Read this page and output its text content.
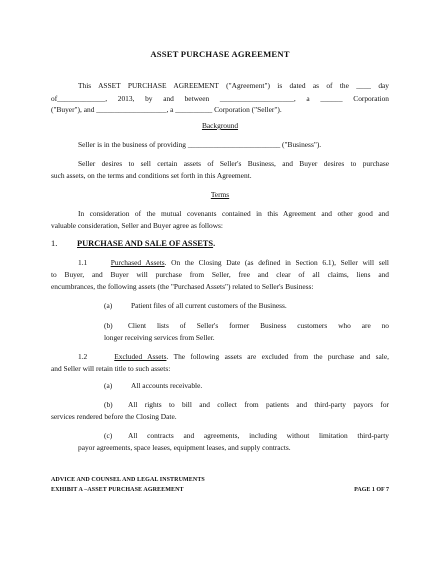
ASSET PURCHASE AGREEMENT
This ASSET PURCHASE AGREEMENT ("Agreement") is dated as of the ____ day
of_____________, 2013, by and between ____________________, a ______ Corporation
("Buyer"), and ___________________, a __________ Corporation ("Seller").
Background
Seller is in the business of providing _________________________ ("Business").
Seller desires to sell certain assets of Seller's Business, and Buyer desires to purchase
such assets, on the terms and conditions set forth in this Agreement.
Terms
In consideration of the mutual covenants contained in this Agreement and other good and
valuable consideration, Seller and Buyer agree as follows:
1. PURCHASE AND SALE OF ASSETS.
1.1	Purchased Assets. On the Closing Date (as defined in Section 6.1), Seller will sell
to Buyer, and Buyer will purchase from Seller, free and clear of all claims, liens and
encumbrances, the following assets (the "Purchased Assets") related to Seller's Business:
(a)	Patient files of all current customers of the Business.
(b) Client lists of Seller's former Business customers who are no
longer receiving services from Seller.
1.2	Excluded Assets. The following assets are excluded from the purchase and sale,
and Seller will retain title to such assets:
(a)	All accounts receivable.
(b) All rights to bill and collect from patients and third-party payors for
services rendered before the Closing Date.
(c) All contracts and agreements, including without limitation third-party
payor agreements, space leases, equipment leases, and supply contracts.
ADVICE AND COUNSEL AND LEGAL INSTRUMENTS
EXHIBIT A –ASSET PURCHASE AGREEMENT	PAGE 1 OF 7
